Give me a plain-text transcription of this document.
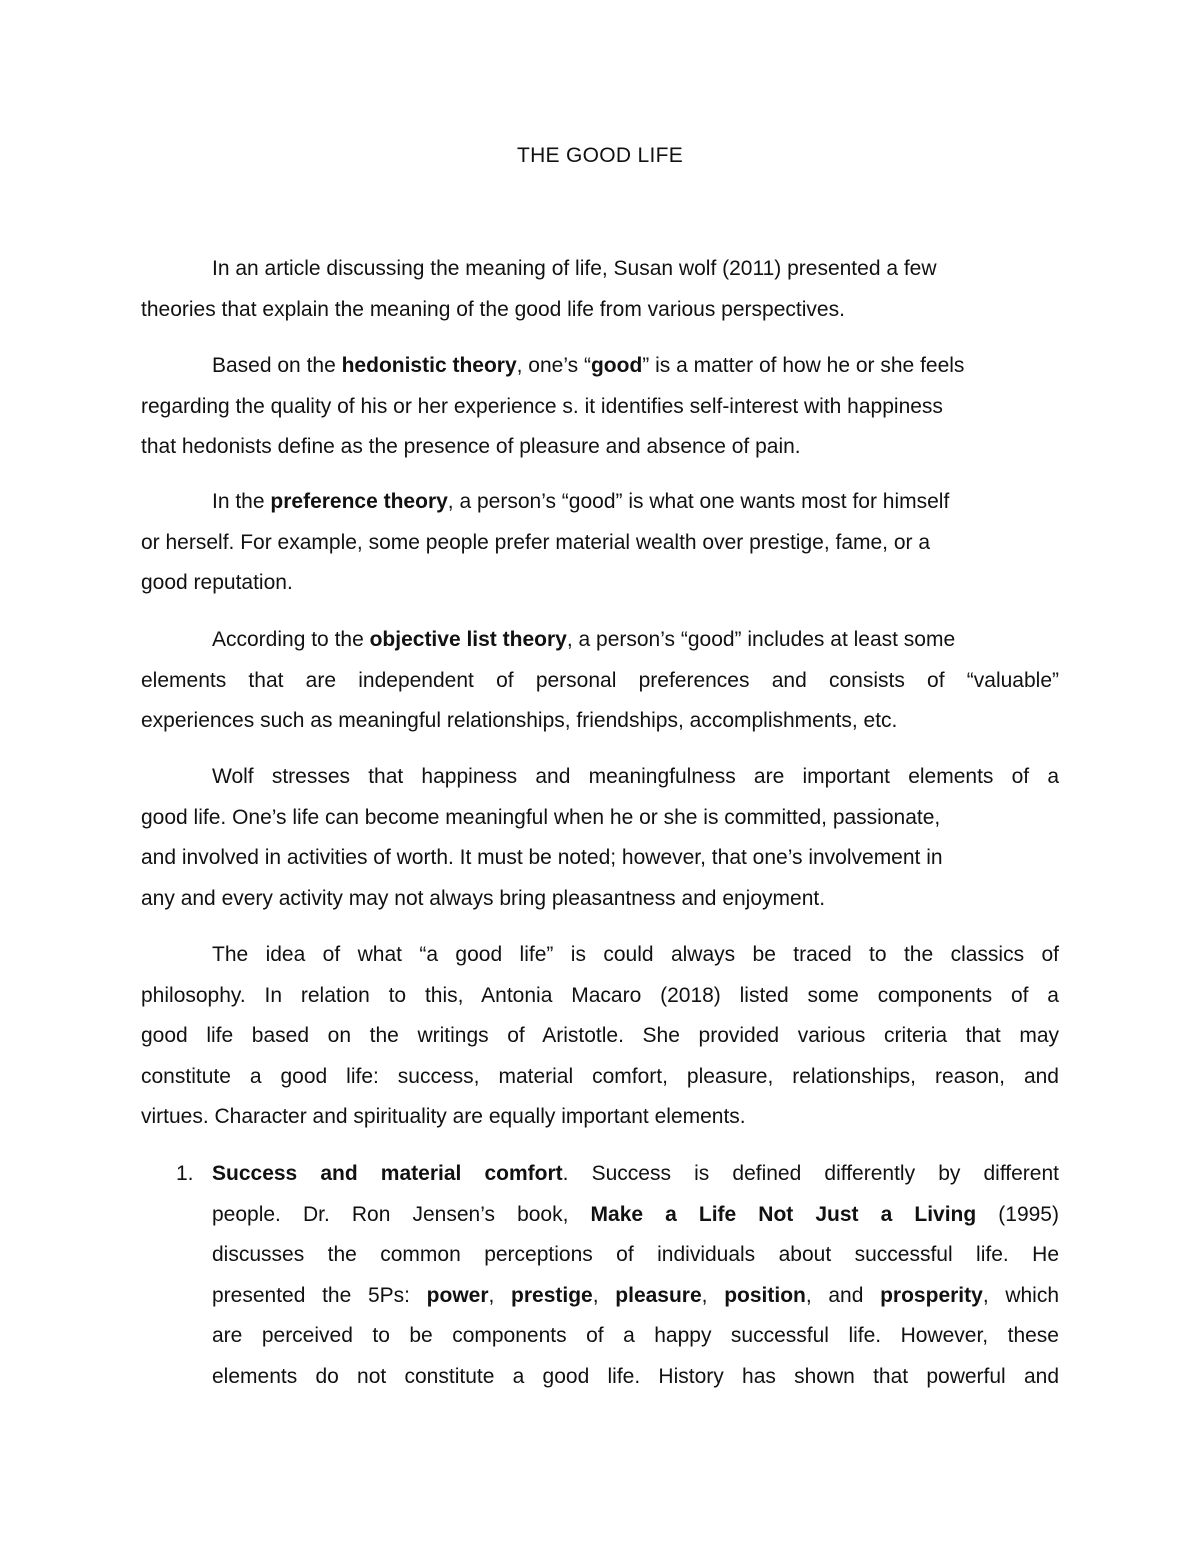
THE GOOD LIFE
In an article discussing the meaning of life, Susan wolf (2011) presented a few
theories that explain the meaning of the good life from various perspectives.
Based on the hedonistic theory, one’s “good” is a matter of how he or she feels
regarding the quality of his or her experience s. it identifies self-interest with happiness
that hedonists define as the presence of pleasure and absence of pain.
In the preference theory, a person’s “good” is what one wants most for himself
or herself. For example, some people prefer material wealth over prestige, fame, or a
good reputation.
According to the objective list theory, a person’s “good” includes at least some
elements that are independent of personal preferences and consists of “valuable”
experiences such as meaningful relationships, friendships, accomplishments, etc.
Wolf stresses that happiness and meaningfulness are important elements of a
good life. One’s life can become meaningful when he or she is committed, passionate,
and involved in activities of worth. It must be noted; however, that one’s involvement in
any and every activity may not always bring pleasantness and enjoyment.
The idea of what “a good life” is could always be traced to the classics of
philosophy. In relation to this, Antonia Macaro (2018) listed some components of a
good life based on the writings of Aristotle. She provided various criteria that may
constitute a good life: success, material comfort, pleasure, relationships, reason, and
virtues. Character and spirituality are equally important elements.
1. Success and material comfort. Success is defined differently by different
people. Dr. Ron Jensen’s book, Make a Life Not Just a Living (1995)
discusses the common perceptions of individuals about successful life. He
presented the 5Ps: power, prestige, pleasure, position, and prosperity, which
are perceived to be components of a happy successful life. However, these
elements do not constitute a good life. History has shown that powerful and
